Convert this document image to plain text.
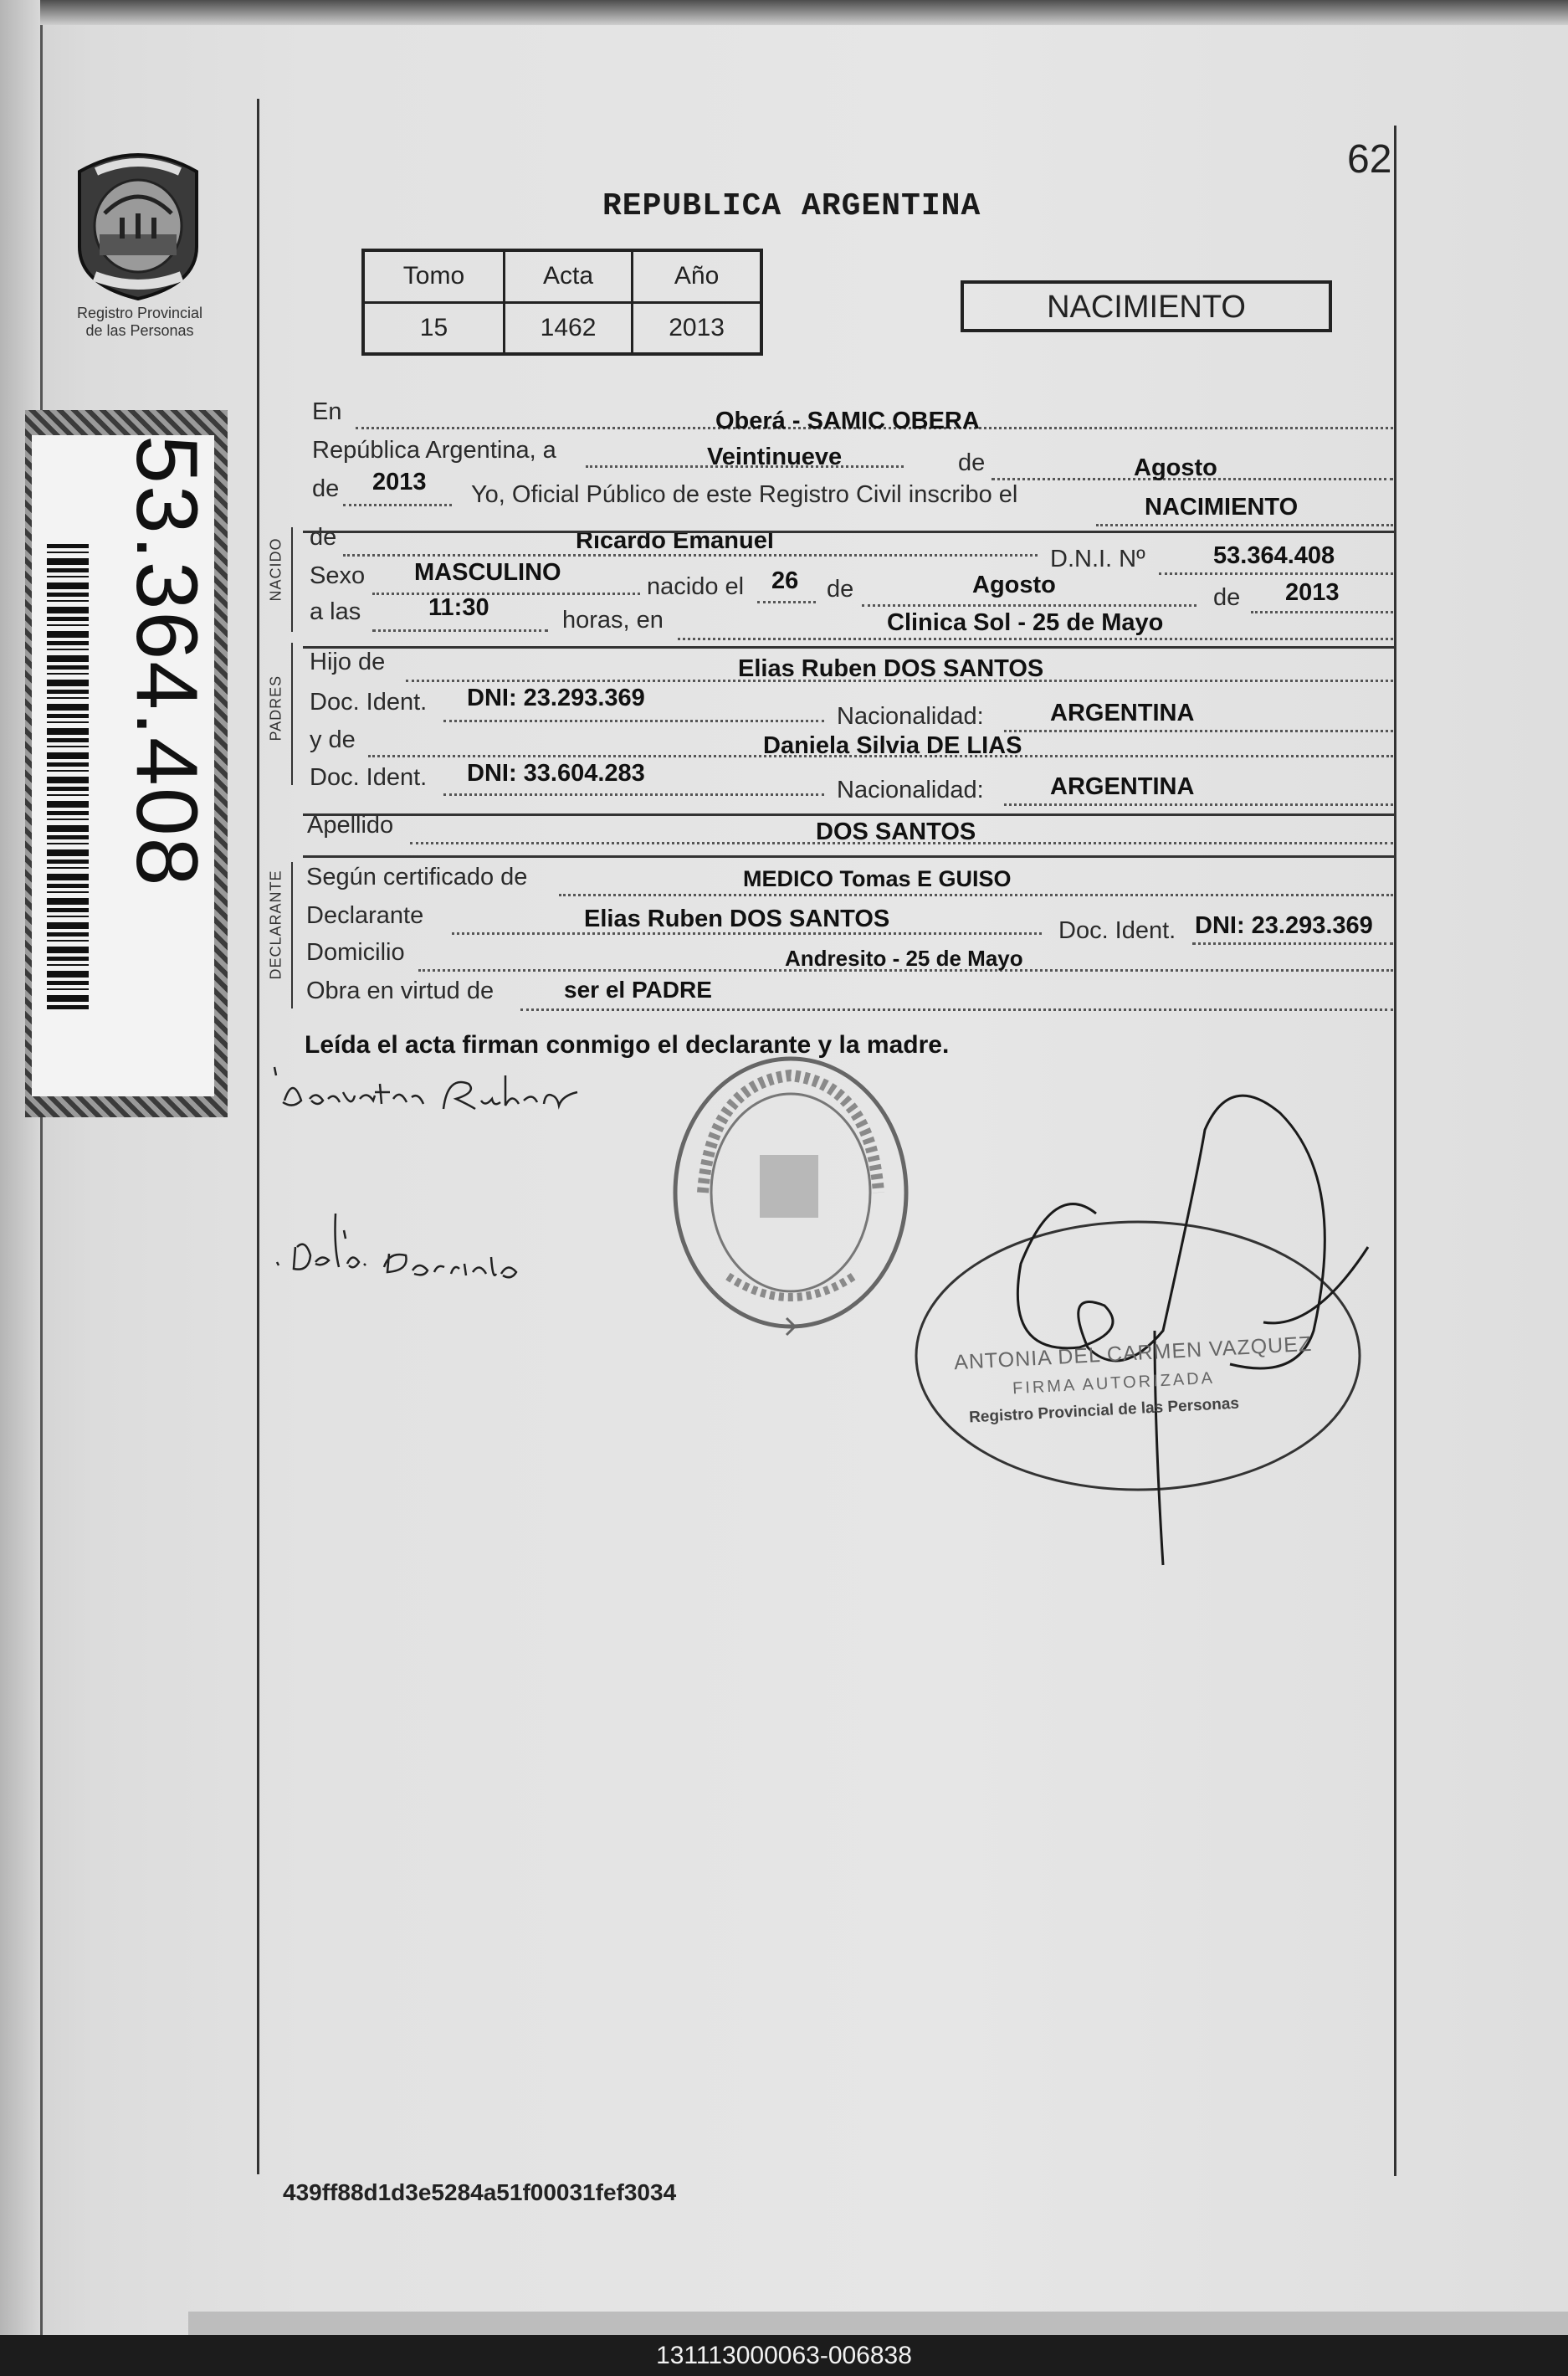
62
Registro Provincial
de las Personas
REPUBLICA ARGENTINA
Tomo	Acta	Año
15	1462	2013
NACIMIENTO
53.364.408	NACIDO
PADRES
DECLARANTE
En	Oberá - SAMIC OBERA
República Argentina, a	Veintinueve	de	Agosto
de 2013 Yo, Oficial Público de este Registro Civil inscribo el	NACIMIENTO
de	Ricardo Emanuel
D.N.I. Nº	53.364.408
Sexo MASCULINO
nacido el 26 de	Agosto	de 2013
a las	11:30	horas, en	Clinica Sol - 25 de Mayo
Hijo de	Elias Ruben DOS SANTOS
Doc. Ident. DNI: 23.293.369
Nacionalidad:	ARGENTINA
y de	Daniela Silvia DE LIAS
Doc. Ident. DNI: 33.604.283
Nacionalidad:	ARGENTINA
Apellido	DOS SANTOS
Según certificado de	MEDICO Tomas E GUISO
Declarante	Elias Ruben DOS SANTOS	Doc. Ident. DNI: 23.293.369
Domicilio	Andresito - 25 de Mayo
Obra en virtud de	ser el PADRE
Leída el acta firman conmigo el declarante y la madre.
ANTONIA DEL CARMEN VAZQUEZ
FIRMA AUTORIZADA
Registro Provincial de las Personas
439ff88d1d3e5284a51f00031fef3034
131113000063-006838
